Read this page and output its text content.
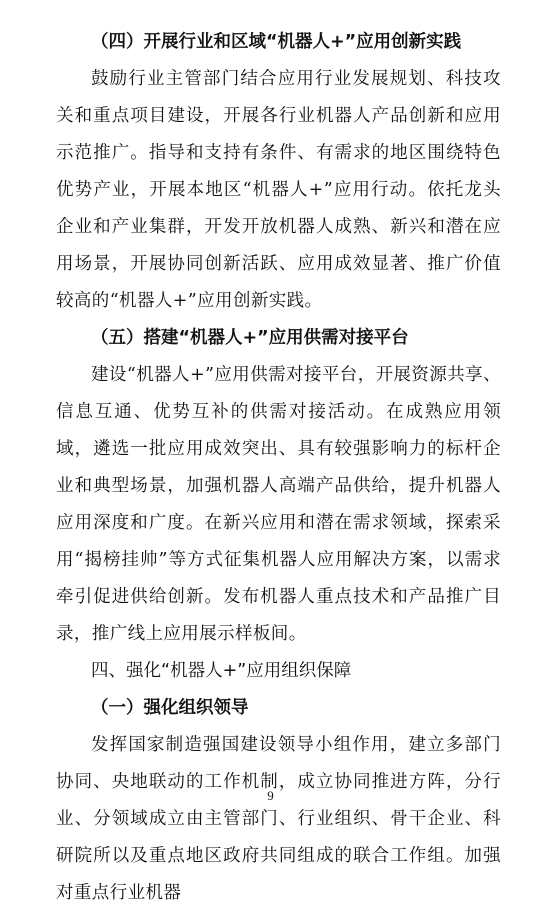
（四）开展行业和区域“机器人+”应用创新实践

鼓励行业主管部门结合应用行业发展规划、科技攻关和重点项目建设，开展各行业机器人产品创新和应用示范推广。指导和支持有条件、有需求的地区围绕特色优势产业，开展本地区“机器人+”应用行动。依托龙头企业和产业集群，开发开放机器人成熟、新兴和潜在应用场景，开展协同创新活跃、应用成效显著、推广价值较高的“机器人+”应用创新实践。

（五）搭建“机器人+”应用供需对接平台

建设“机器人+”应用供需对接平台，开展资源共享、信息互通、优势互补的供需对接活动。在成熟应用领域，遴选一批应用成效突出、具有较强影响力的标杆企业和典型场景，加强机器人高端产品供给，提升机器人应用深度和广度。在新兴应用和潜在需求领域，探索采用“揭榜挂帅”等方式征集机器人应用解决方案，以需求牵引促进供给创新。发布机器人重点技术和产品推广目录，推广线上应用展示样板间。

四、强化“机器人+”应用组织保障

（一）强化组织领导

发挥国家制造强国建设领导小组作用，建立多部门协同、央地联动的工作机制，成立协同推进方阵，分行业、分领域成立由主管部门、行业组织、骨干企业、科研院所以及重点地区政府共同组成的联合工作组。加强对重点行业机器

9
